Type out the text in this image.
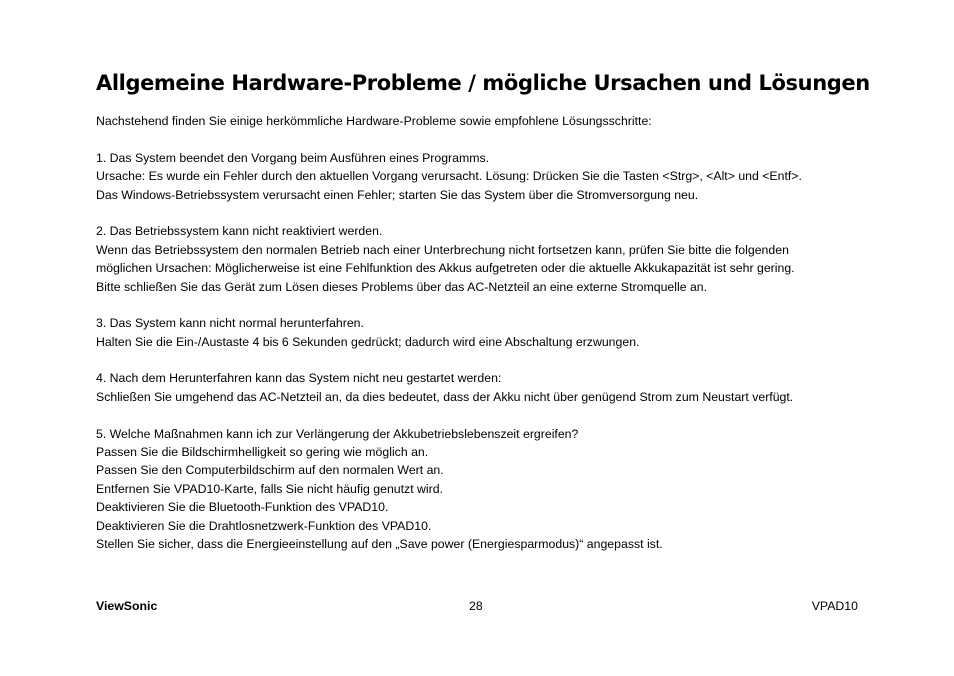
Allgemeine Hardware-Probleme / mögliche Ursachen und Lösungen
Nachstehend finden Sie einige herkömmliche Hardware-Probleme sowie empfohlene Lösungsschritte:
1. Das System beendet den Vorgang beim Ausführen eines Programms.
Ursache: Es wurde ein Fehler durch den aktuellen Vorgang verursacht. Lösung: Drücken Sie die Tasten <Strg>, <Alt> und <Entf>.
Das Windows-Betriebssystem verursacht einen Fehler; starten Sie das System über die Stromversorgung neu.
2. Das Betriebssystem kann nicht reaktiviert werden.
Wenn das Betriebssystem den normalen Betrieb nach einer Unterbrechung nicht fortsetzen kann, prüfen Sie bitte die folgenden
möglichen Ursachen: Möglicherweise ist eine Fehlfunktion des Akkus aufgetreten oder die aktuelle Akkukapazität ist sehr gering.
Bitte schließen Sie das Gerät zum Lösen dieses Problems über das AC-Netzteil an eine externe Stromquelle an.
3. Das System kann nicht normal herunterfahren.
Halten Sie die Ein-/Austaste 4 bis 6 Sekunden gedrückt; dadurch wird eine Abschaltung erzwungen.
4. Nach dem Herunterfahren kann das System nicht neu gestartet werden:
Schließen Sie umgehend das AC-Netzteil an, da dies bedeutet, dass der Akku nicht über genügend Strom zum Neustart verfügt.
5. Welche Maßnahmen kann ich zur Verlängerung der Akkubetriebslebenszeit ergreifen?
Passen Sie die Bildschirmhelligkeit so gering wie möglich an.
Passen Sie den Computerbildschirm auf den normalen Wert an.
Entfernen Sie VPAD10-Karte, falls Sie nicht häufig genutzt wird.
Deaktivieren Sie die Bluetooth-Funktion des VPAD10.
Deaktivieren Sie die Drahtlosnetzwerk-Funktion des VPAD10.
Stellen Sie sicher, dass die Energieeinstellung auf den „Save power (Energiesparmodus)“ angepasst ist.
ViewSonic	28	VPAD10
